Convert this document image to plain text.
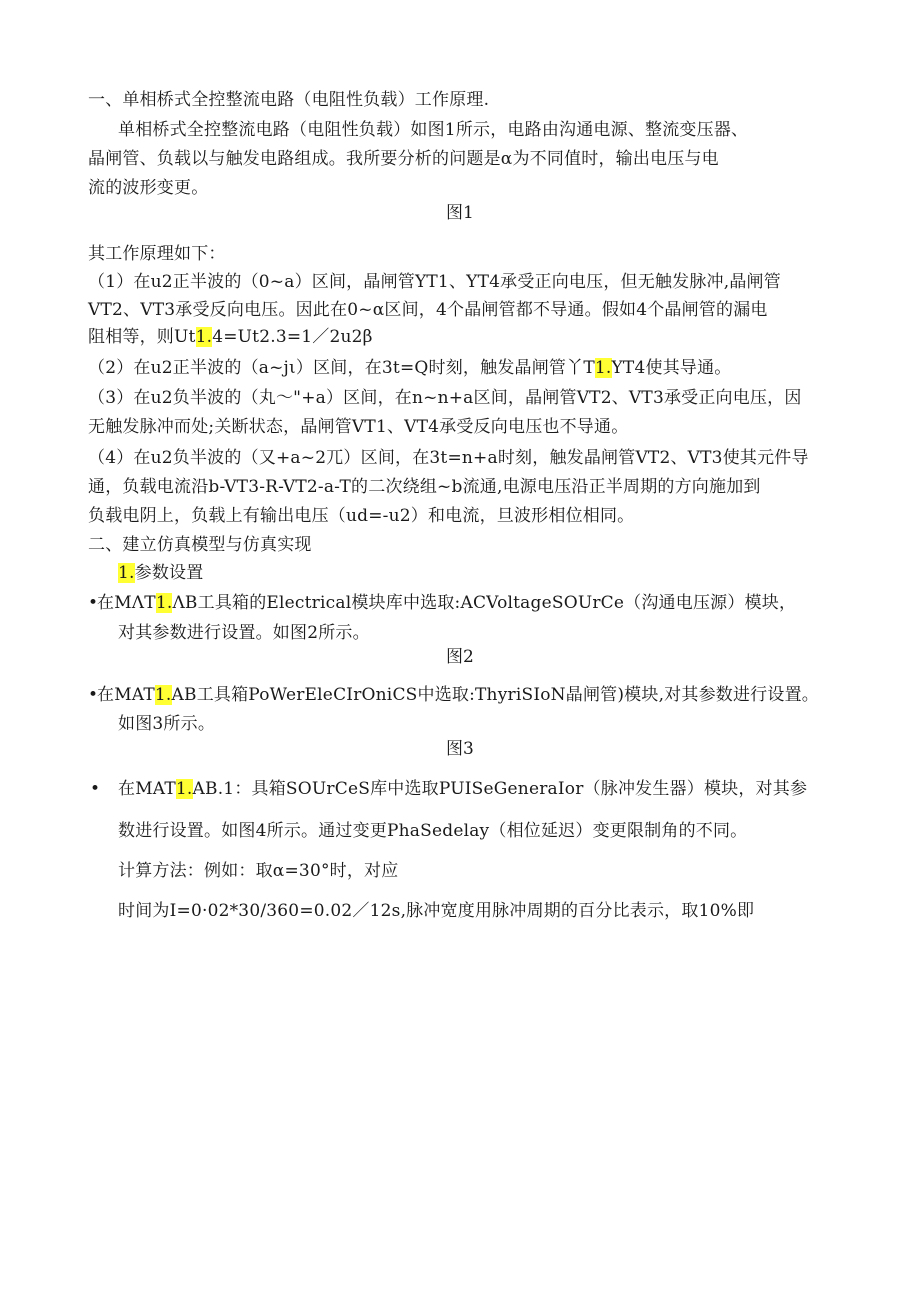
一、单相桥式全控整流电路（电阻性负载）工作原理.
单相桥式全控整流电路（电阻性负载）如图1所示，电路由沟通电源、整流变压器、
晶闸管、负载以与触发电路组成。我所要分析的问题是α为不同值时，输出电压与电
流的波形变更。
图1
其工作原理如下：
（1）在u2正半波的（0~a）区间，晶闸管YT1、YT4承受正向电压，但无触发脉冲,晶闸管
VT2、VT3承受反向电压。因此在0~α区间，4个晶闸管都不导通。假如4个晶闸管的漏电
阻相等，则Ut1.4=Ut2.3=1／2u2β
（2）在u2正半波的（a~jι）区间，在3t=Q时刻，触发晶闸管丫T1.YT4使其导通。
（3）在u2负半波的（丸～"+a）区间，在n~n+a区间，晶闸管VT2、VT3承受正向电压，因
无触发脉冲而处;关断状态，晶闸管VT1、VT4承受反向电压也不导通。
（4）在u2负半波的（又+a~2兀）区间，在3t=n+a时刻，触发晶闸管VT2、VT3使其元件导
通，负载电流沿b-VT3-R-VT2-a-T的二次绕组~b流通,电源电压沿正半周期的方向施加到
负载电阴上，负载上有输出电压（ud=-u2）和电流，旦波形相位相同。
二、建立仿真模型与仿真实现
1.参数设置
•
在MΛT1.ΛB工具箱的Electrical模块库中选取:ACVoltageSOUrCe（沟通电压源）模块，
对其参数进行设置。如图2所示。
图2
•
在MAT1.AB工具箱PoWerEleCIrOniCS中选取:ThyriSIoN晶闸管)模块,对其参数进行设置。
如图3所示。
图3
• 在MAT1.AB.1：具箱SOUrCeS库中选取PUISeGeneraIor（脉冲发生器）模块，对其参
数进行设置。如图4所示。通过变更PhaSedelay（相位延迟）变更限制角的不同。
计算方法：例如：取α=30°时，对应
时间为I=0·02*30/360=0.02／12s,脉冲宽度用脉冲周期的百分比表示，取10%即
